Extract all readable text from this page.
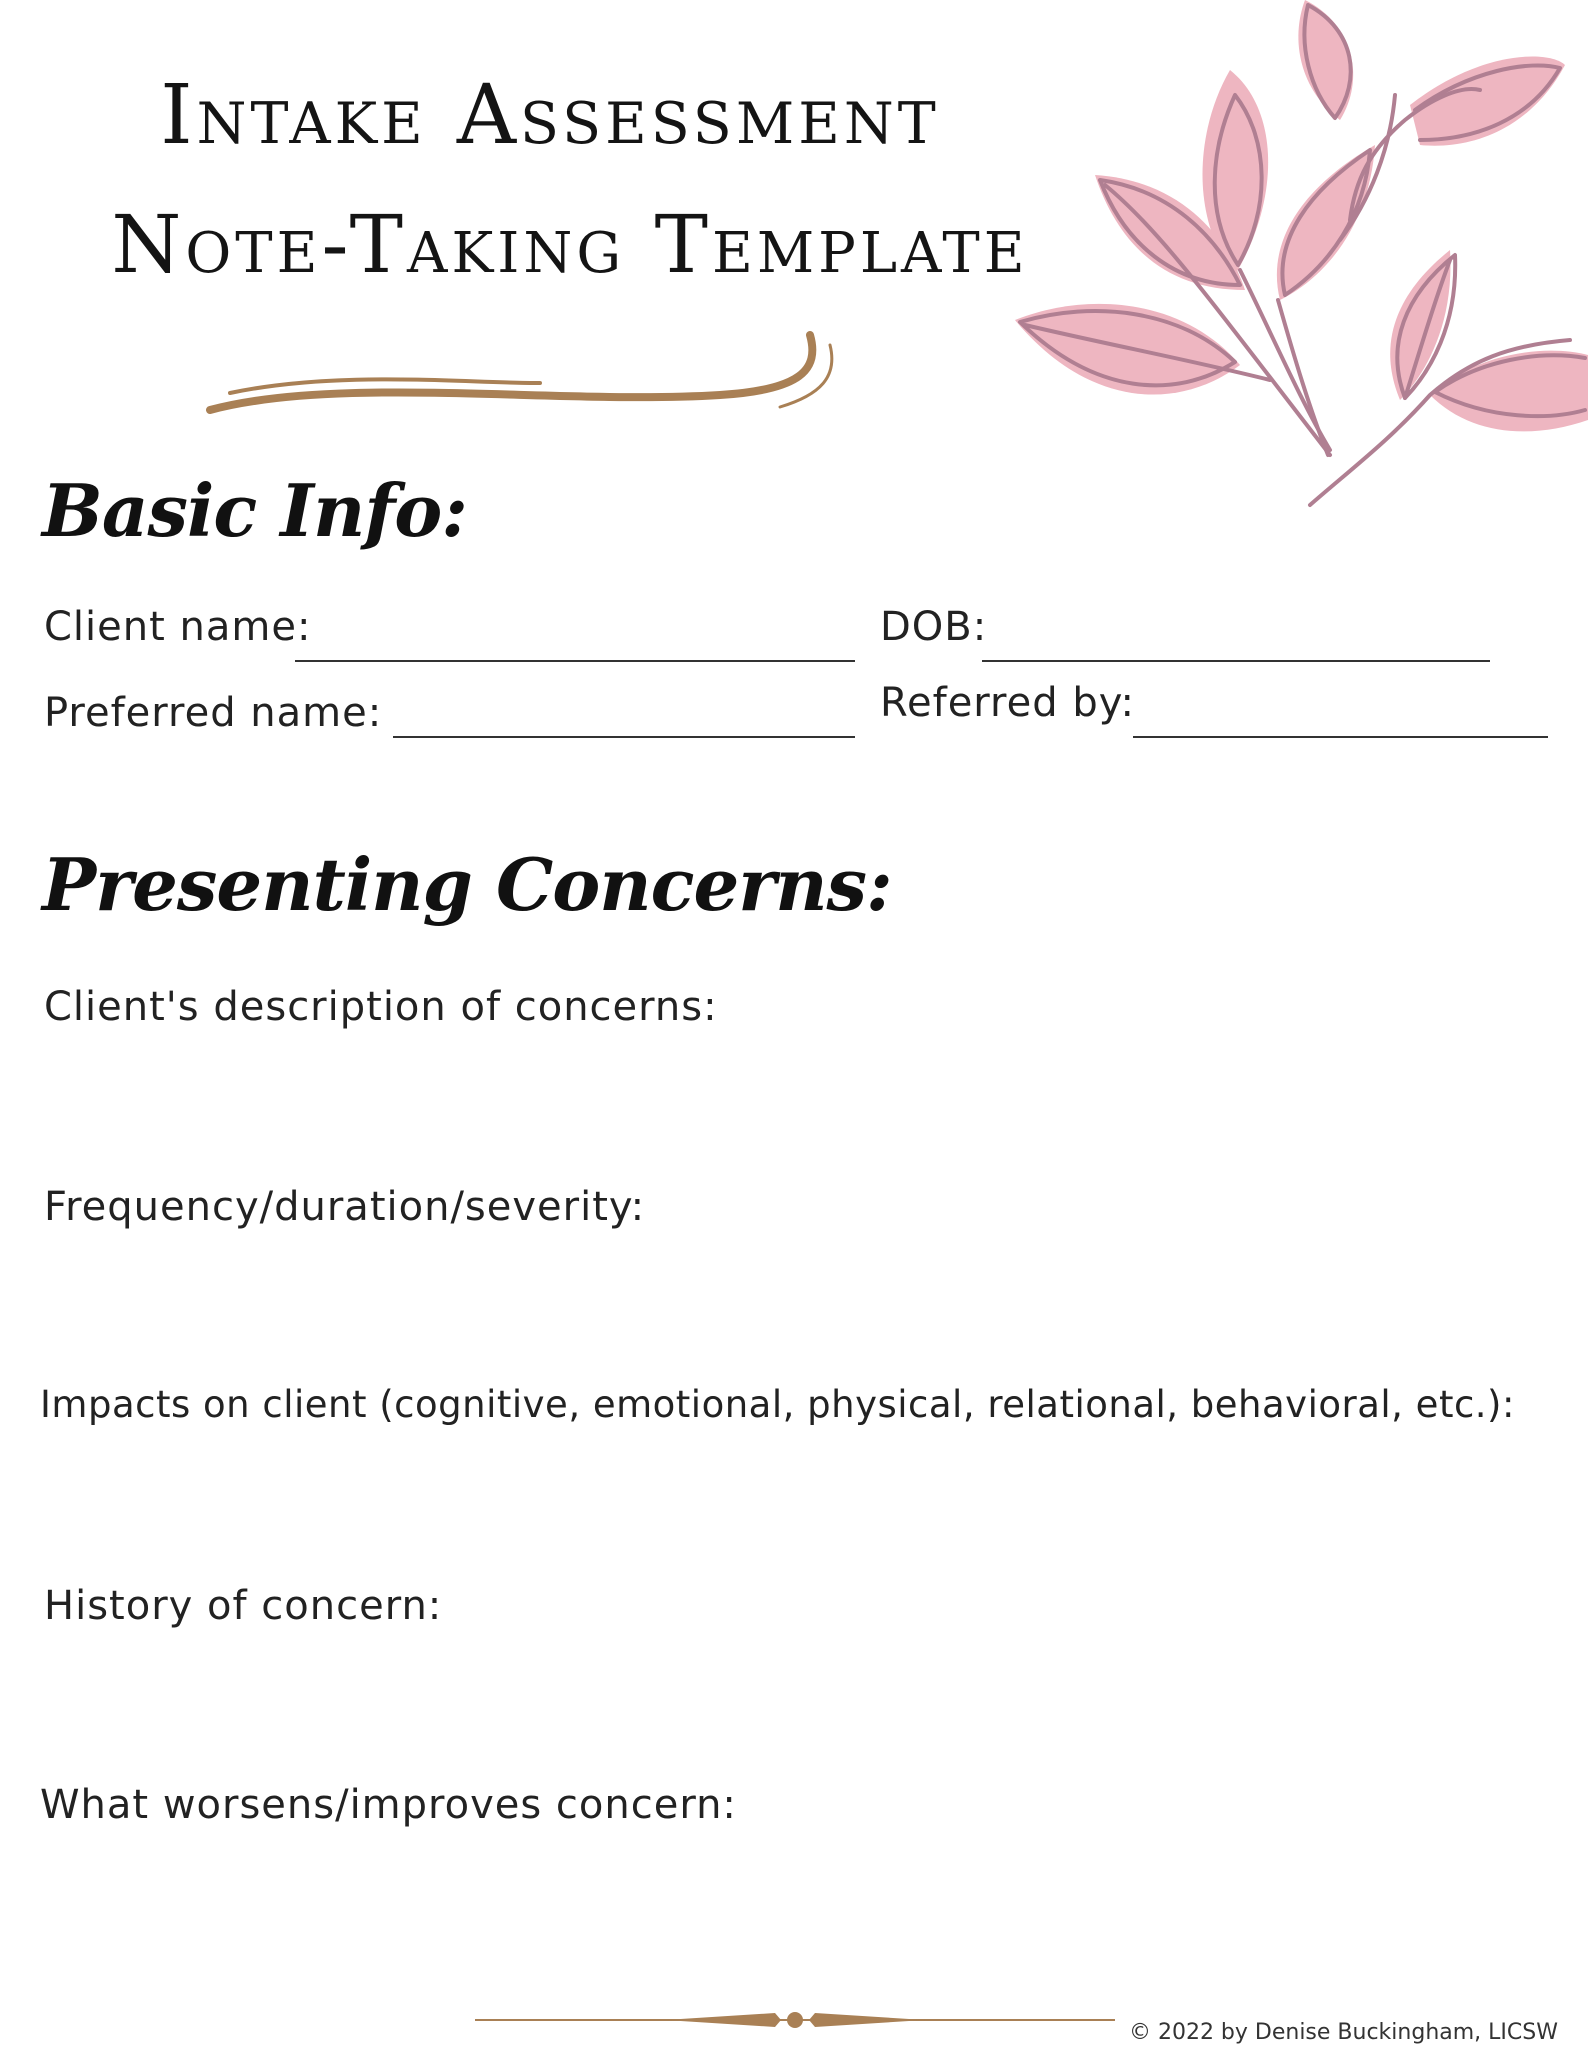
Intake Assessment
Note-Taking Template
Basic Info:
Client name:	DOB:
Preferred name:	Referred by:
Presenting Concerns:
Client's description of concerns:
Frequency/duration/severity:
Impacts on client (cognitive, emotional, physical, relational, behavioral, etc.):
History of concern:
What worsens/improves concern:
© 2022 by Denise Buckingham, LICSW
